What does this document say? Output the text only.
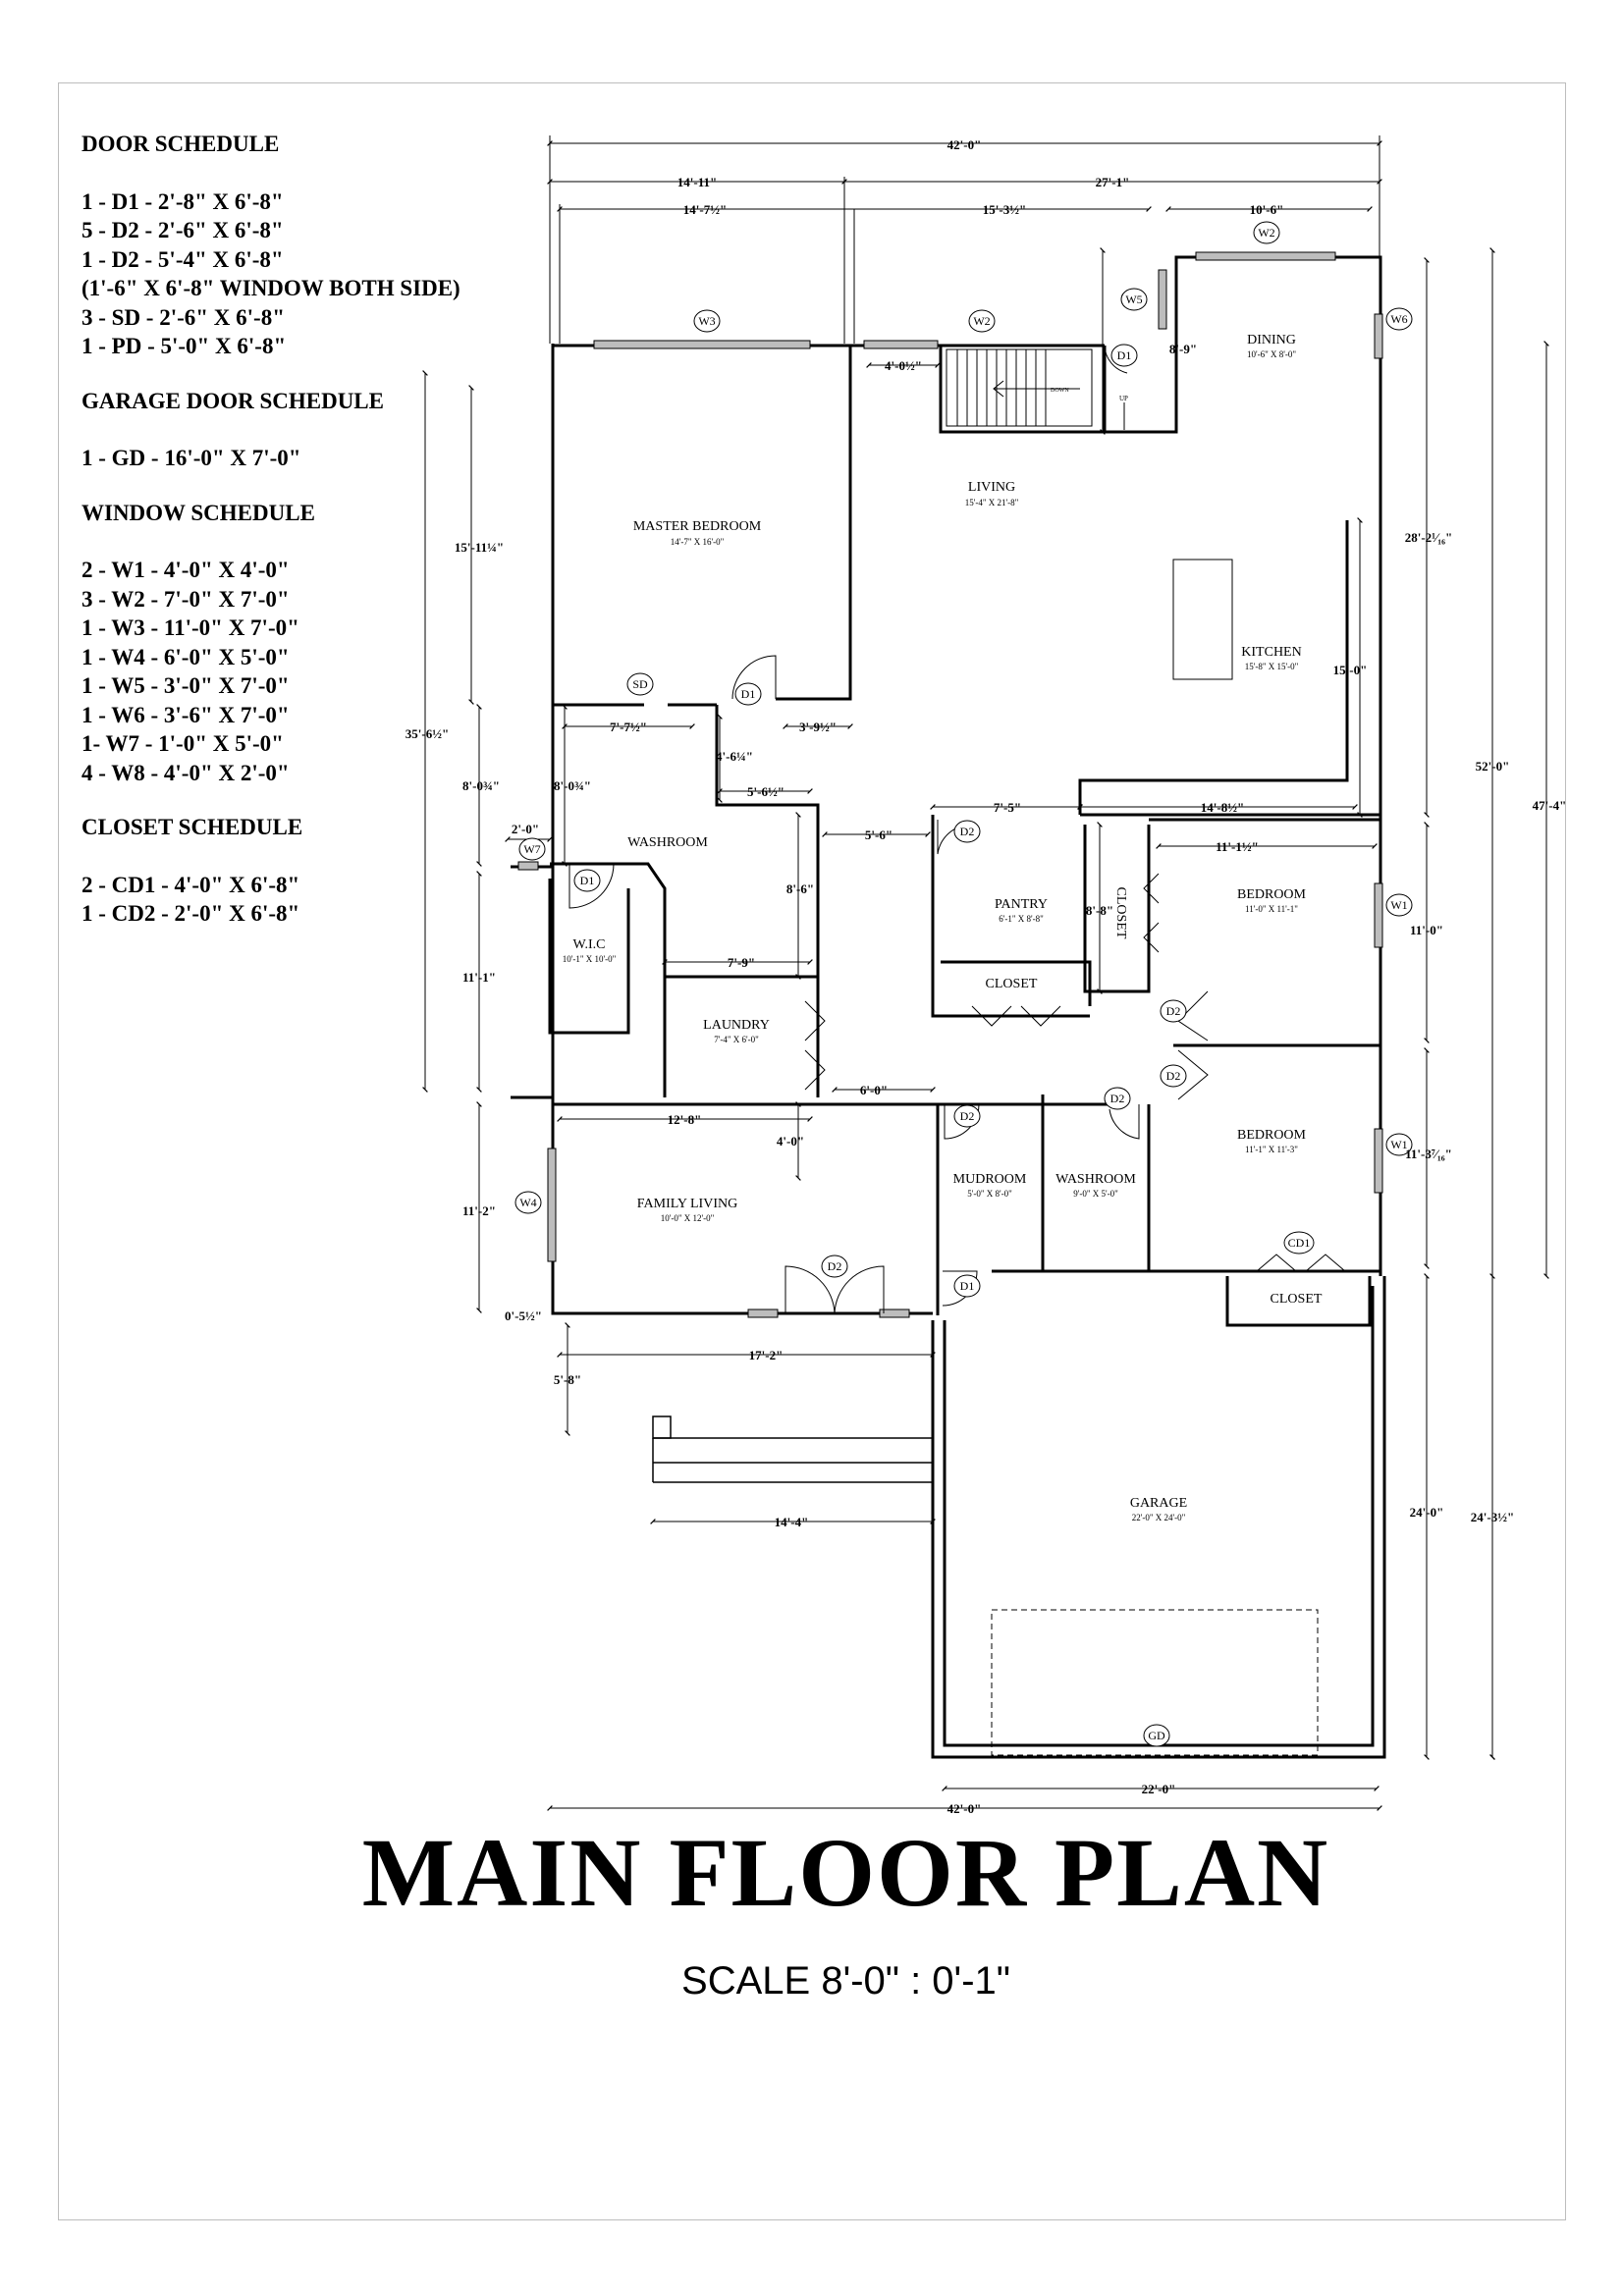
DOOR SCHEDULE
1 - D1 - 2'-8" X 6'-8"
5 - D2 - 2'-6" X 6'-8"
1 - D2 - 5'-4" X 6'-8"
(1'-6" X 6'-8" WINDOW BOTH SIDE)
3 - SD - 2'-6" X 6'-8"
1 - PD - 5'-0" X 6'-8"
GARAGE DOOR SCHEDULE
1 - GD - 16'-0" X 7'-0"
WINDOW SCHEDULE
2 - W1 - 4'-0" X 4'-0"
3 - W2 - 7'-0" X 7'-0"
1 - W3 - 11'-0" X 7'-0"
1 - W4 - 6'-0" X 5'-0"
1 - W5 - 3'-0" X 7'-0"
1 - W6 - 3'-6" X 7'-0"
1- W7 - 1'-0" X 5'-0"
4 - W8 - 4'-0" X 2'-0"
CLOSET SCHEDULE
2 - CD1 - 4'-0" X 6'-8"
1 - CD2 - 2'-0" X 6'-8"
DOWN
UP
MASTER BEDROOM
14'-7" X 16'-0"
LIVING
15'-4" X 21'-8"
DINING
10'-6" X 8'-0"
KITCHEN
15'-8" X 15'-0"
WASHROOM
W.I.C
10'-1" X 10'-0"
LAUNDRY
7'-4" X 6'-0"
PANTRY
6'-1" X 8'-8"
CLOSET
CLOSET	BEDROOM
11'-0" X 11'-1"
BEDROOM
11'-1" X 11'-3"
MUDROOM
5'-0" X 8'-0"
WASHROOM
9'-0" X 5'-0"
CLOSET
FAMILY LIVING
10'-0" X 12'-0"
GARAGE
22'-0" X 24'-0"
W3	W2
W2
W5
W6
D1
SD
D1
W7
D1
D2
W1
D2
D2
D2
D2
W1
W4
CD1
D2
D1
GD
42'-0"
14'-11"	27'-1"
14'-7½"	15'-3½"	10'-6"
4'-0½"
8'-9"
15'-0"
3'-9½"
7'-7½"
5'-6½"
4'-6¼"
7'-5"	14'-8½"
5'-6"
8'-6"
7'-9"
11'-1½"
8'-8"
6'-0"
12'-8"
4'-0"
17'-2"
5'-8"
14'-4"
22'-0"
42'-0"
15'-11¼"
35'-6½"
8'-0¾"	8'-0¾"
2'-0"
11'-1"
11'-2"
0'-5½"
28'-2¹⁄₁₆"
52'-0"
47'-4"
11'-0"
11'-3⁷⁄₁₆"
24'-0" 24'-3½"
MAIN FLOOR PLAN
SCALE 8'-0" : 0'-1"
